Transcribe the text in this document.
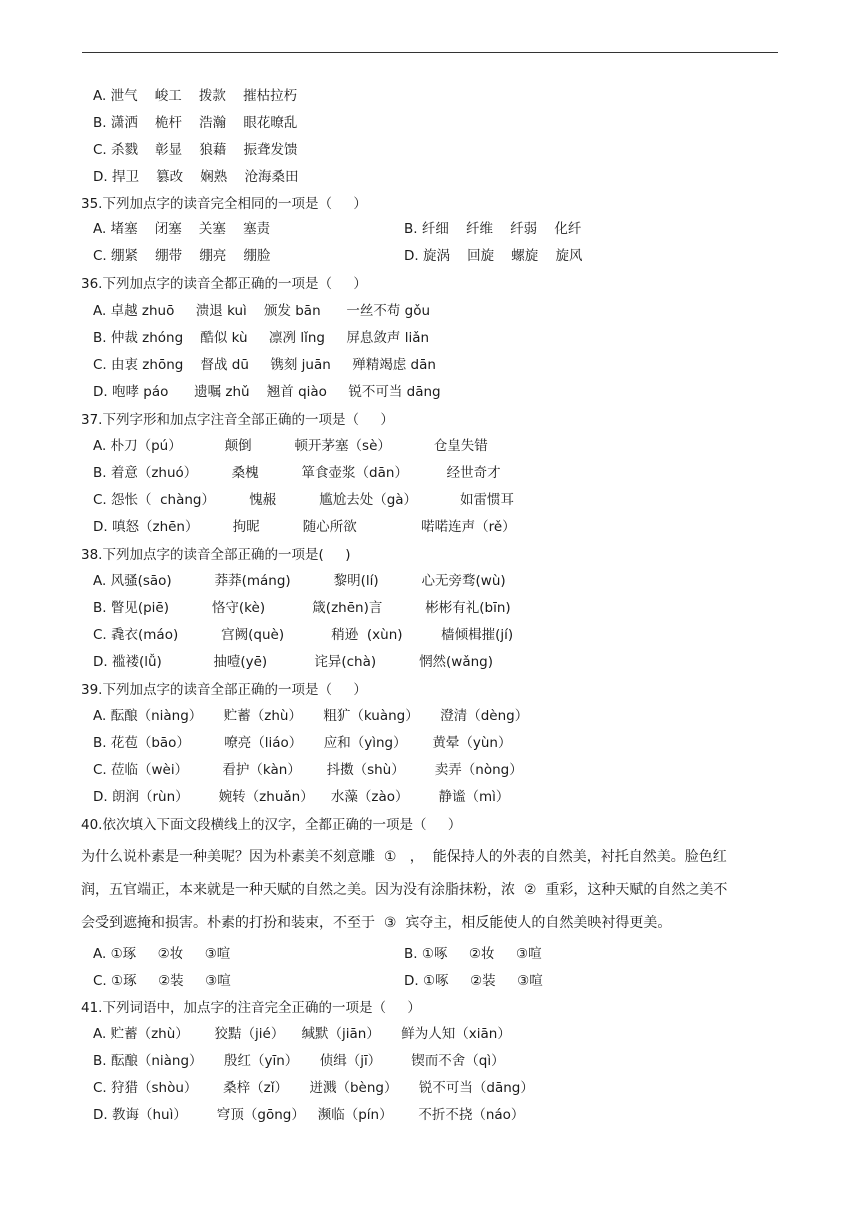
A. 泄气    峻工    拨款    摧枯拉朽
B. 潇洒    桅杆    浩瀚    眼花暸乱
C. 杀戮    彰显    狼藉    振聋发馈
D. 捍卫    篡改    娴熟    沧海桑田
35.下列加点字的读音完全相同的一项是（     ）
A. 堵塞    闭塞    关塞    塞责	B. 纤细    纤维    纤弱    化纤
C. 绷紧    绷带    绷亮    绷脸	D. 旋涡    回旋    螺旋    旋风
36.下列加点字的读音全都正确的一项是（     ）
A. 卓越 zhuō     溃退 kuì    颁发 bān      一丝不苟 gǒu
B. 仲裁 zhóng    酷似 kù     凛冽 lǐng     屏息敛声 liǎn
C. 由衷 zhōng    督战 dū     镌刻 juān     殚精竭虑 dān
D. 咆哮 páo      遗嘱 zhǔ    翘首 qiào     锐不可当 dāng
37.下列字形和加点字注音全部正确的一项是（     ）
A. 朴刀（pú）          颠倒          顿开茅塞（sè）          仓皇失错
B. 着意（zhuó）        桑槐          箪食壶浆（dān）         经世奇才
C. 怨怅（  chàng）        愧赧          尴尬去处（gà）          如雷惯耳
D. 嗔怒（zhēn）        拘昵          随心所欲               喏喏连声（rě）
38.下列加点字的读音全部正确的一项是(     )
A. 风骚(sāo)          莽莽(máng)          黎明(lí)          心无旁骛(wù)
B. 瞥见(piē)          恪守(kè)           箴(zhēn)言          彬彬有礼(bīn)
C. 毳衣(máo)          宫阙(què)           稍逊  (xùn)         樯倾楫摧(jí)
D. 褴褛(lǚ)            抽噎(yē)           诧异(chà)          惘然(wǎng)
39.下列加点字的读音全部正确的一项是（     ）
A. 酝酿（niàng）     贮蓄（zhù）     粗犷（kuàng）     澄清（dèng）
B. 花苞（bāo）        嘹亮（liáo）     应和（yìng）      黄晕（yùn）
C. 莅临（wèi）        看护（kàn）      抖擞（shù）       卖弄（nòng）
D. 朗润（rùn）       婉转（zhuǎn）    水藻（zào）       静谧（mì）
40.依次填入下面文段横线上的汉字，全都正确的一项是（     ）
为什么说朴素是一种美呢？因为朴素美不刻意雕  ①   ，  能保持人的外表的自然美，衬托自然美。脸色红
润，五官端正，本来就是一种天赋的自然之美。因为没有涂脂抹粉，浓  ②  重彩，这种天赋的自然之美不
会受到遮掩和损害。朴素的打扮和装束，不至于  ③  宾夺主，相反能使人的自然美映衬得更美。
A. ①琢     ②妆     ③喧	B. ①啄     ②妆     ③喧
C. ①琢     ②装     ③喧	D. ①啄     ②装     ③喧
41.下列词语中，加点字的注音完全正确的一项是（     ）
A. 贮蓄（zhù）      狡黠（jié）    缄默（jiān）     鲜为人知（xiān）
B. 酝酿（niàng）     殷红（yīn）     侦缉（jī）       锲而不舍（qì）
C. 狩猎（shòu）      桑梓（zǐ）     迸溅（bèng）     锐不可当（dāng）
D. 教诲（huì）       穹顶（gōng）   濒临（pín）      不折不挠（náo）
